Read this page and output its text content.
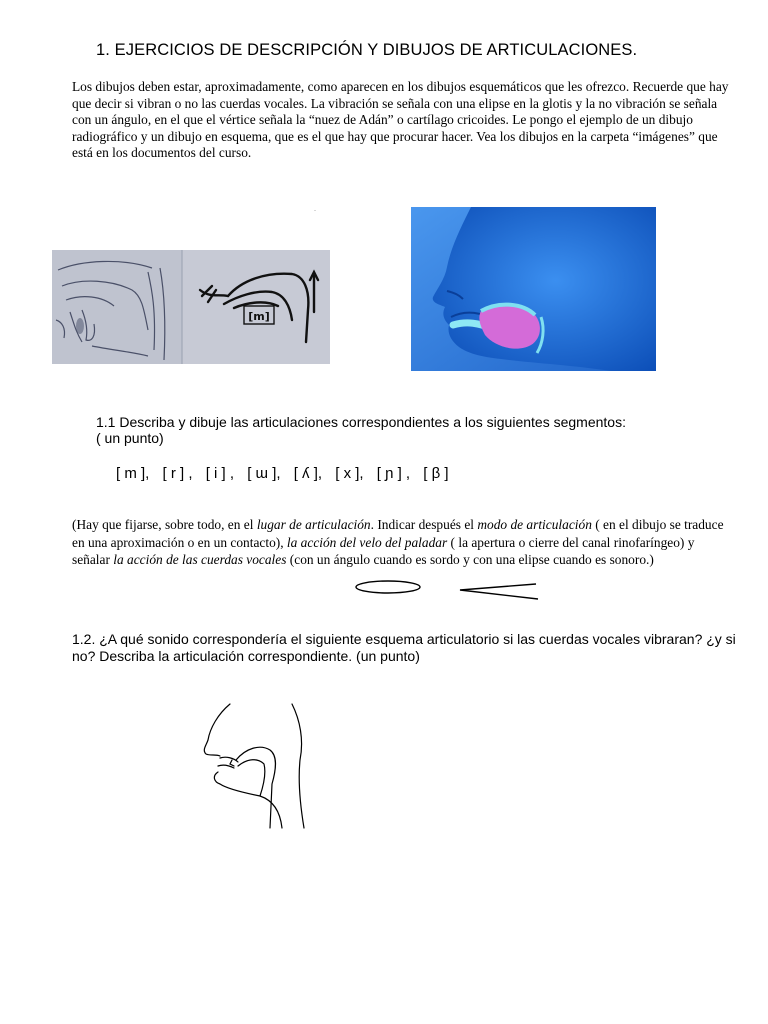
1. EJERCICIOS DE DESCRIPCIÓN Y DIBUJOS DE ARTICULACIONES.

Los dibujos deben estar, aproximadamente, como aparecen en los dibujos esquemáticos que les ofrezco. Recuerde que hay que decir si vibran o no las cuerdas vocales. La vibración se señala con una elipse en la glotis y la no vibración se señala con un ángulo, en el que el vértice señala la “nuez de Adán” o cartílago cricoides. Le pongo el ejemplo de un dibujo radiográfico y un dibujo en esquema, que es el que hay que procurar hacer. Vea los dibujos en la carpeta “imágenes” que está en los documentos del curso.

.
[m]

1.1 Describa y dibuje las articulaciones correspondientes a los siguientes segmentos:

( un punto)

[ m ], [ r ] , [ i ] , [ ɯ ], [ ʎ ], [ x ], [ ɲ ] , [ β ]

(Hay que fijarse, sobre todo, en el lugar de articulación. Indicar después el modo de articulación ( en el dibujo se traduce en una aproximación o en un contacto), la acción del velo del paladar ( la apertura o cierre del canal rinofaríngeo) y señalar la acción de las cuerdas vocales (con un ángulo cuando es sordo y con una elipse cuando es sonoro.)

1.2. ¿A qué sonido correspondería el siguiente esquema articulatorio si las cuerdas vocales vibraran? ¿y si no? Describa la articulación correspondiente. (un punto)
